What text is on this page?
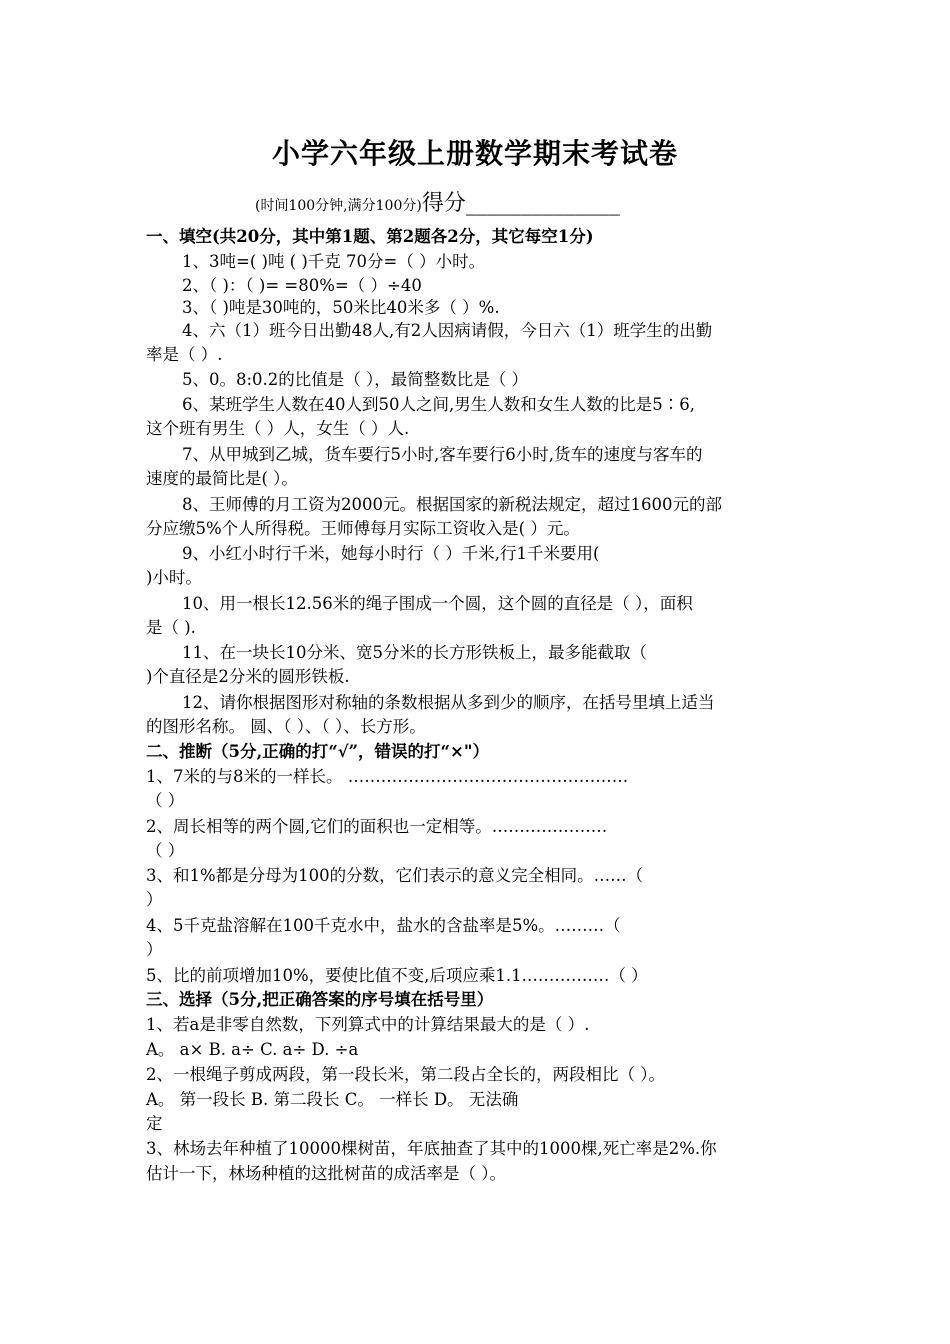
小学六年级上册数学期末考试卷
(时间100分钟,满分100分)得分______________
一、填空(共20分，其中第1题、第2题各2分，其它每空1分)
1、3吨=( )吨 ( )千克 70分=（ ）小时。
2、（ )：（ )= =80%=（ ）÷40
3、（ )吨是30吨的，50米比40米多（ ）%.
4、六（1）班今日出勤48人,有2人因病请假，今日六（1）班学生的出勤
率是（ ）.
5、0。8:0.2的比值是（ ），最简整数比是（ ）
6、某班学生人数在40人到50人之间,男生人数和女生人数的比是5∶6,
这个班有男生（ ）人，女生（ ）人.
7、从甲城到乙城，货车要行5小时,客车要行6小时,货车的速度与客车的
速度的最简比是( ）。
8、王师傅的月工资为2000元。根据国家的新税法规定，超过1600元的部
分应缴5%个人所得税。王师傅每月实际工资收入是( ）元。
9、小红小时行千米，她每小时行（ ）千米,行1千米要用(
)小时。
10、用一根长12.56米的绳子围成一个圆，这个圆的直径是（ ），面积
是（ ).
11、在一块长10分米、宽5分米的长方形铁板上，最多能截取（
)个直径是2分米的圆形铁板.
12、请你根据图形对称轴的条数根据从多到少的顺序，在括号里填上适当
的图形名称。 圆、（ ）、（ ）、长方形。
二、推断（5分,正确的打“√”，错误的打“×"）
1、7米的与8米的一样长。 ……………………………………………
（ ）
2、周长相等的两个圆,它们的面积也一定相等。…………………
（ ）
3、和1%都是分母为100的分数，它们表示的意义完全相同。……（
）
4、5千克盐溶解在100千克水中，盐水的含盐率是5%。………（
）
5、比的前项增加10%，要使比值不变,后项应乘1.1.……………（ ）
三、选择（5分,把正确答案的序号填在括号里）
1、若a是非零自然数，下列算式中的计算结果最大的是（ ）.
A。 a× B. a÷ C. a÷ D. ÷a
2、一根绳子剪成两段，第一段长米，第二段占全长的，两段相比（ ）。
A。 第一段长 B. 第二段长 C。 一样长 D。 无法确
定
3、林场去年种植了10000棵树苗，年底抽查了其中的1000棵,死亡率是2%.你
估计一下，林场种植的这批树苗的成活率是（ ）。
